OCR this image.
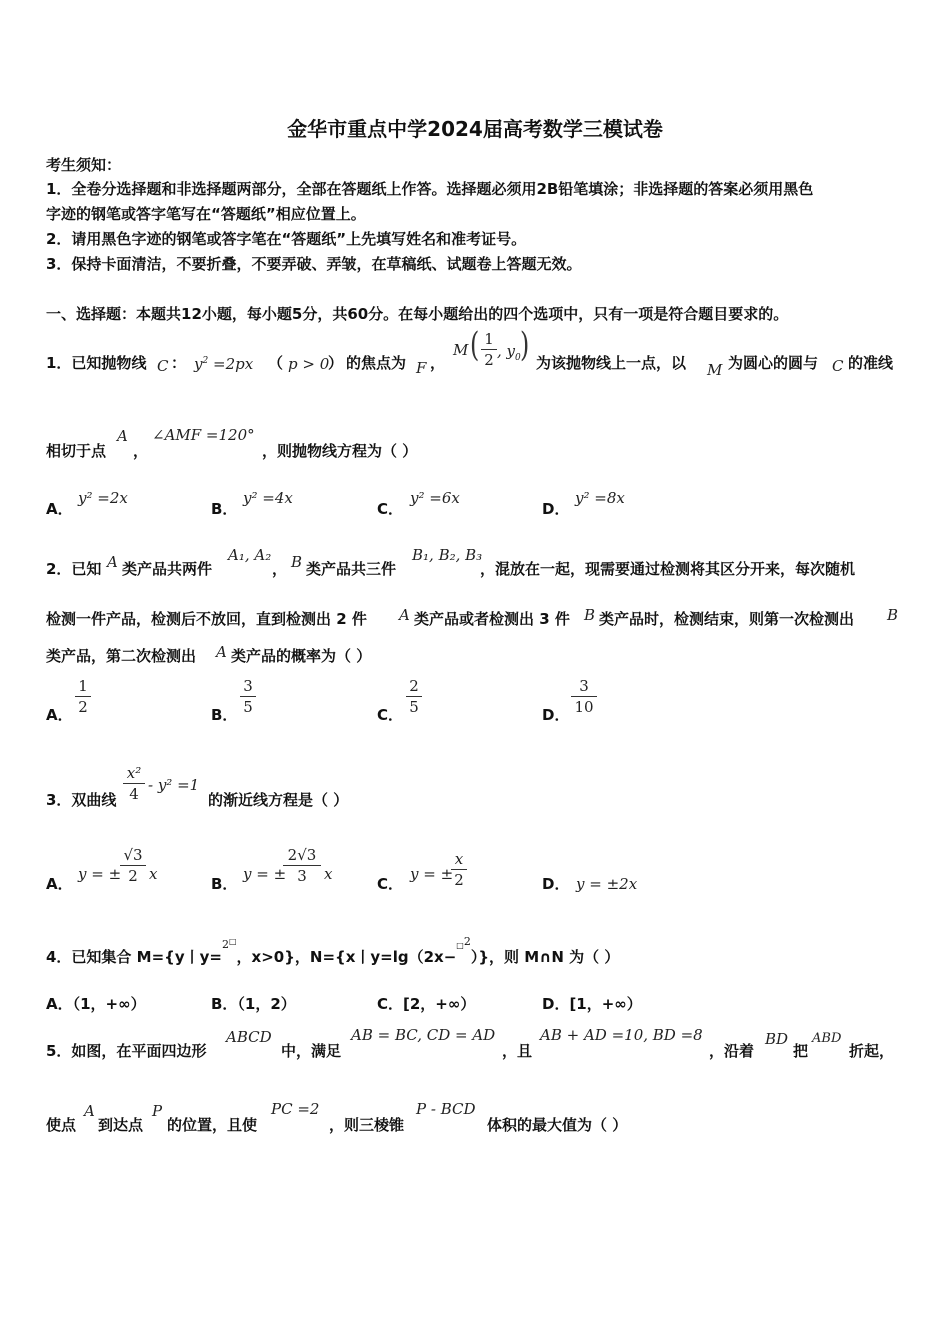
金华市重点中学2024届高考数学三模试卷
考生须知：
1．全卷分选择题和非选择题两部分，全部在答题纸上作答。选择题必须用2B铅笔填涂；非选择题的答案必须用黑色
字迹的钢笔或答字笔写在“答题纸”相应位置上。
2．请用黑色字迹的钢笔或答字笔在“答题纸”上先填写姓名和准考证号。
3．保持卡面清洁，不要折叠，不要弄破、弄皱，在草稿纸、试题卷上答题无效。
一、选择题：本题共12小题，每小题5分，共60分。在每小题给出的四个选项中，只有一项是符合题目要求的。
1．已知抛物线 C ： $y^2 =2px$ （ p > 0
） 的焦点为 F ，
M ( 1
2 , $y_0$ ) 为该抛物线上一点，以 M 为圆心的圆与 C 的准线
相切于点
A
，
∠AMF =120°
，则抛物线方程为（ ）
A．
y² =2x
B．
y² =4x
C．
y² =6x
D．
y² =8x
2．已知 A 类产品共两件
A₁, A₂
， B 类产品共三件
B₁, B₂, B₃
，混放在一起，现需要通过检测将其区分开来，每次随机
检测一件产品，检测后不放回，直到检测出 2 件 A 类产品或者检测出 3 件 B 类产品时，检测结束，则第一次检测出 B
类产品，第二次检测出 A 类产品的概率为（ ）
A．
1
2	B．
3
5	C．
2
5	D．
3
10
3．双曲线
x²
4 - y² =1
的渐近线方程是（ ）
A．
y = ±
√3
2 x
B．
y = ±
2√3
3	x
C．
y = ±
x
2	D． y = ±2x
4．已知集合 M={y丨y=2□，x>0}，N={x丨y=lg（2x−□2）}，则 M∩N 为（ ）
A．（1，+∞）	B．（1，2）	C．[2，+∞）	D．[1，+∞）
5．如图，在平面四边形
ABCD
中，满足
AB = BC, CD = AD
，且
AB + AD =10, BD =8
，沿着
BD
把
ABD
折起，
使点
A
到达点
P
的位置，且使
PC =2
，则三棱锥
P - BCD
体积的最大值为（ ）
